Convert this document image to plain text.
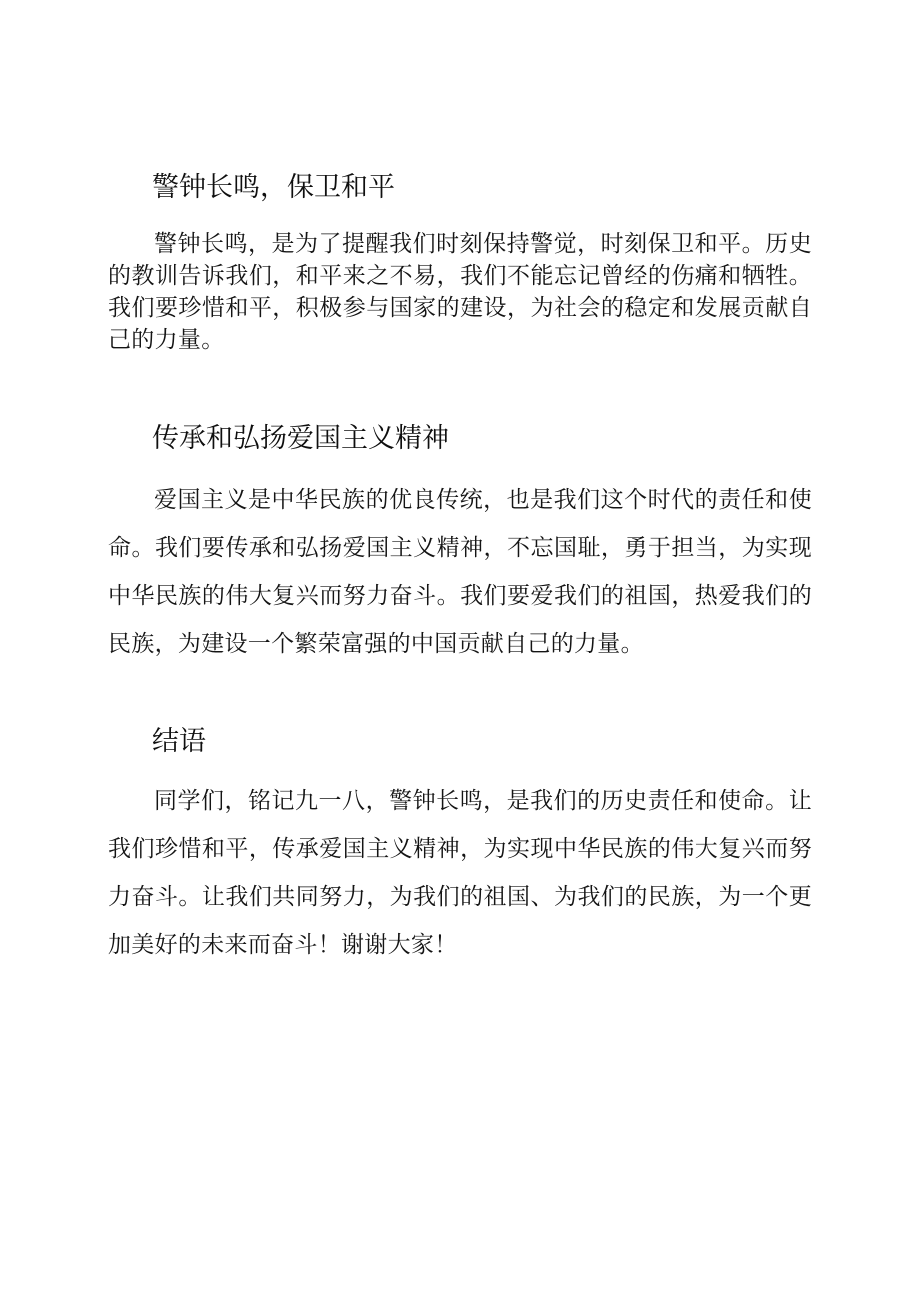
警钟长鸣，保卫和平

警钟长鸣，是为了提醒我们时刻保持警觉，时刻保卫和平。历史的教训告诉我们，和平来之不易，我们不能忘记曾经的伤痛和牺牲。我们要珍惜和平，积极参与国家的建设，为社会的稳定和发展贡献自己的力量。

传承和弘扬爱国主义精神

爱国主义是中华民族的优良传统，也是我们这个时代的责任和使命。我们要传承和弘扬爱国主义精神，不忘国耻，勇于担当，为实现中华民族的伟大复兴而努力奋斗。我们要爱我们的祖国，热爱我们的民族，为建设一个繁荣富强的中国贡献自己的力量。

结语

同学们，铭记九一八，警钟长鸣，是我们的历史责任和使命。让我们珍惜和平，传承爱国主义精神，为实现中华民族的伟大复兴而努力奋斗。让我们共同努力，为我们的祖国、为我们的民族，为一个更加美好的未来而奋斗！谢谢大家！
